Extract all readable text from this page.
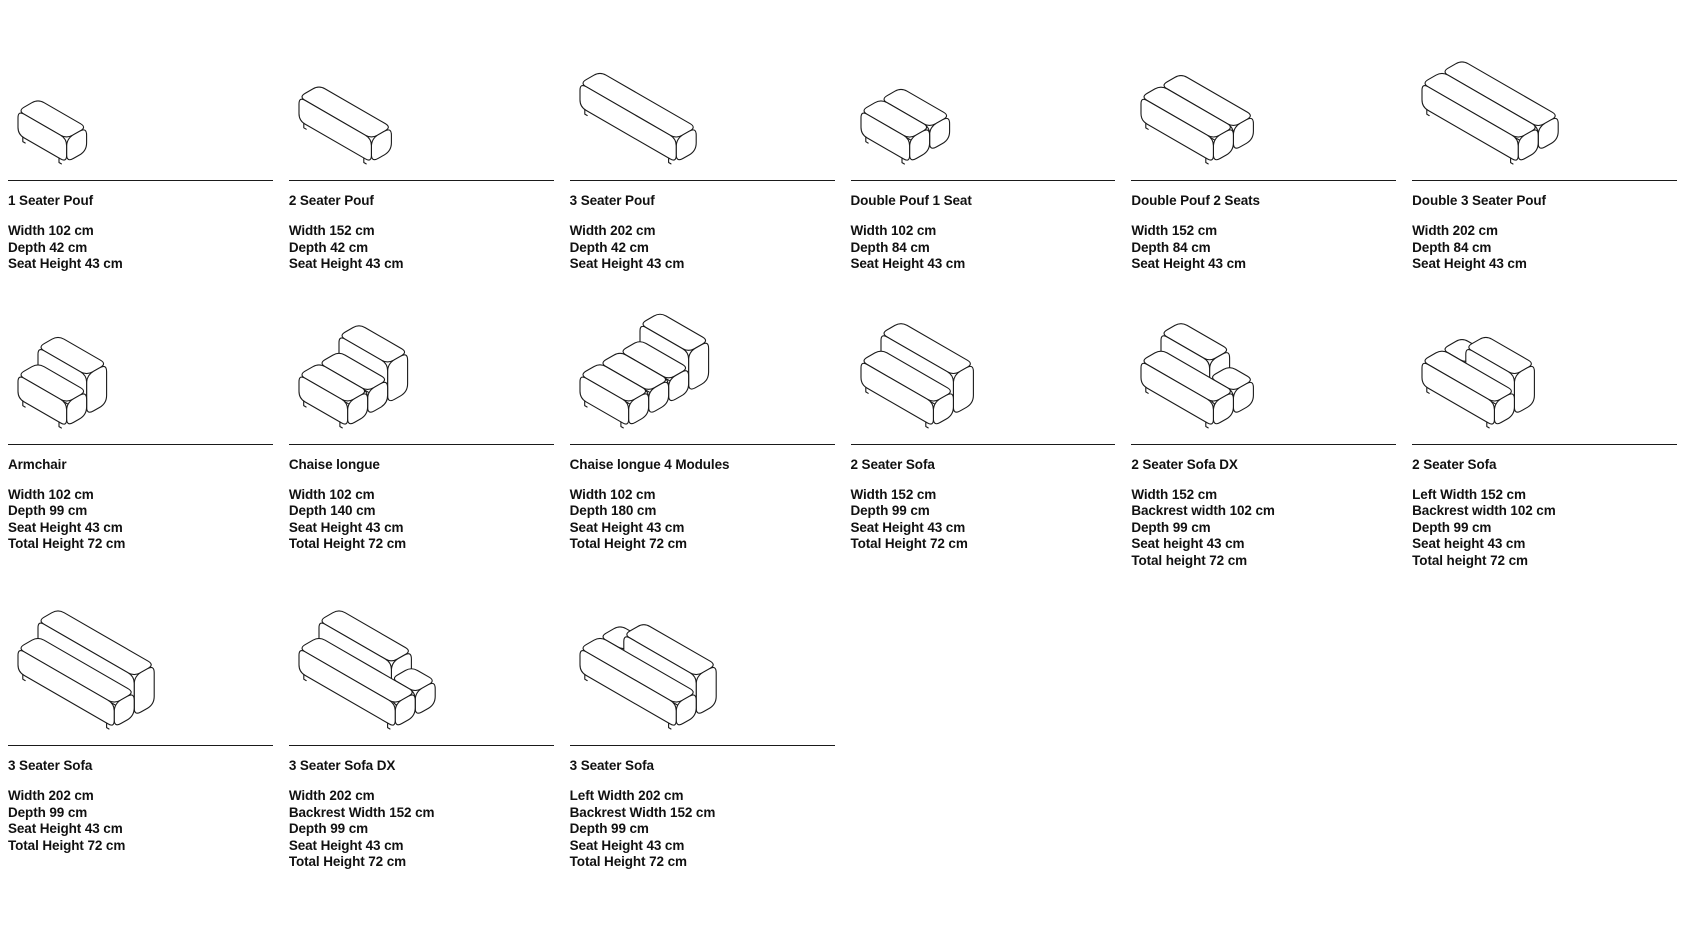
1 Seater Pouf
Width 102 cm
Depth 42 cm
Seat Height 43 cm
2 Seater Pouf
Width 152 cm
Depth 42 cm
Seat Height 43 cm
3 Seater Pouf
Width 202 cm
Depth 42 cm
Seat Height 43 cm
Double Pouf 1 Seat
Width 102 cm
Depth 84 cm
Seat Height 43 cm
Double Pouf 2 Seats
Width 152 cm
Depth 84 cm
Seat Height 43 cm
Double 3 Seater Pouf
Width 202 cm
Depth 84 cm
Seat Height 43 cm
Armchair
Width 102 cm
Depth 99 cm
Seat Height 43 cm
Total Height 72 cm
Chaise longue
Width 102 cm
Depth 140 cm
Seat Height 43 cm
Total Height 72 cm
Chaise longue 4 Modules
Width 102 cm
Depth 180 cm
Seat Height 43 cm
Total Height 72 cm
2 Seater Sofa
Width 152 cm
Depth 99 cm
Seat Height 43 cm
Total Height 72 cm
2 Seater Sofa DX
Width 152 cm
Backrest width 102 cm
Depth 99 cm
Seat height 43 cm
Total height 72 cm
2 Seater Sofa
Left Width 152 cm
Backrest width 102 cm
Depth 99 cm
Seat height 43 cm
Total height 72 cm
3 Seater Sofa
Width 202 cm
Depth 99 cm
Seat Height 43 cm
Total Height 72 cm
3 Seater Sofa DX
Width 202 cm
Backrest Width 152 cm
Depth 99 cm
Seat Height 43 cm
Total Height 72 cm
3 Seater Sofa
Left Width 202 cm
Backrest Width 152 cm
Depth 99 cm
Seat Height 43 cm
Total Height 72 cm
